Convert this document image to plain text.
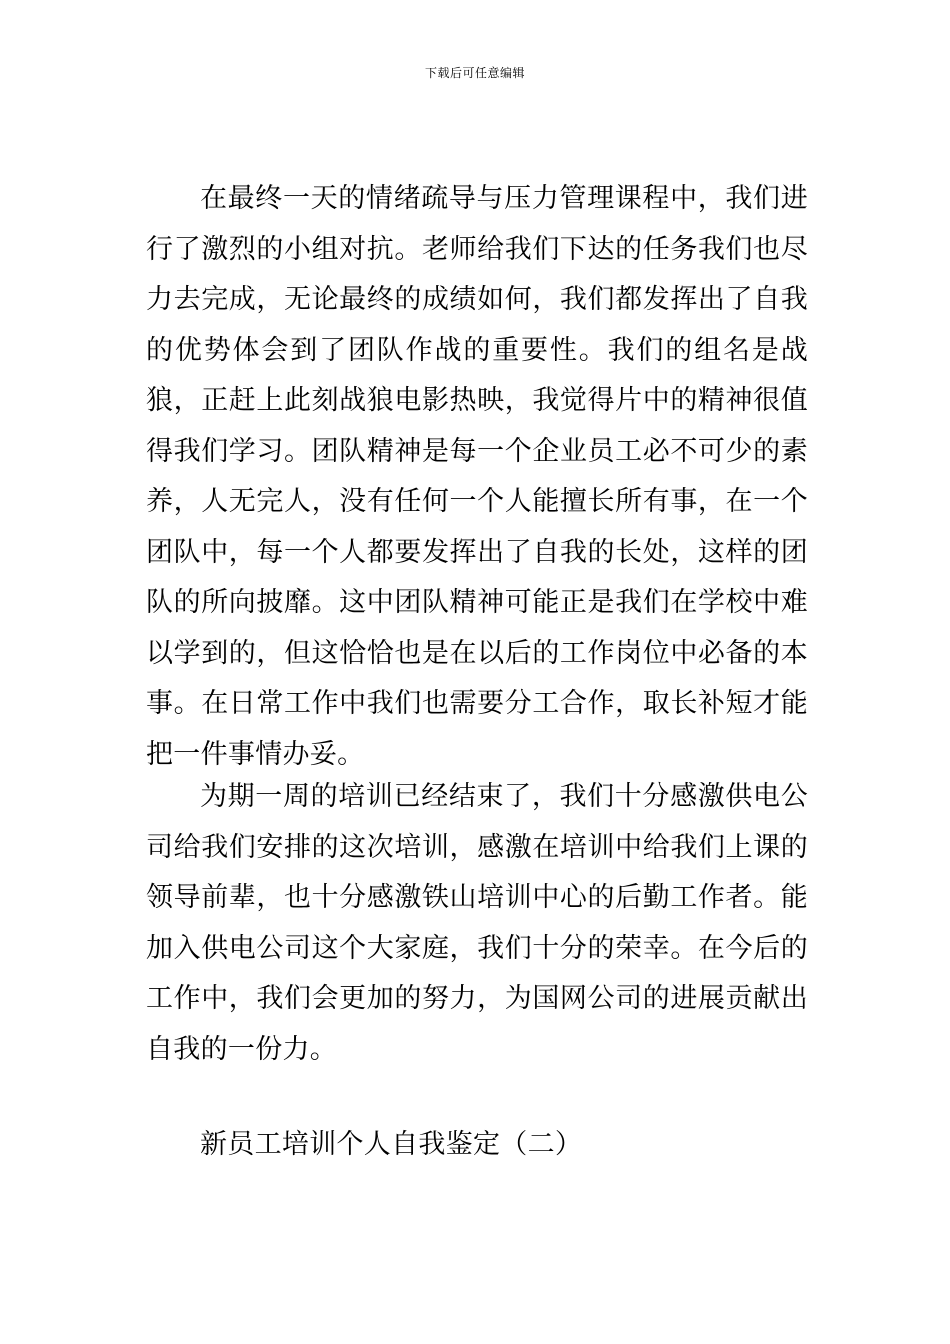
下载后可任意编辑

在最终一天的情绪疏导与压力管理课程中，我们进行了激烈的小组对抗。老师给我们下达的任务我们也尽力去完成，无论最终的成绩如何，我们都发挥出了自我的优势体会到了团队作战的重要性。我们的组名是战狼，正赶上此刻战狼电影热映，我觉得片中的精神很值得我们学习。团队精神是每一个企业员工必不可少的素养，人无完人，没有任何一个人能擅长所有事，在一个团队中，每一个人都要发挥出了自我的长处，这样的团队的所向披靡。这中团队精神可能正是我们在学校中难以学到的，但这恰恰也是在以后的工作岗位中必备的本事。在日常工作中我们也需要分工合作，取长补短才能把一件事情办妥。

为期一周的培训已经结束了，我们十分感激供电公司给我们安排的这次培训，感激在培训中给我们上课的领导前辈，也十分感激铁山培训中心的后勤工作者。能加入供电公司这个大家庭，我们十分的荣幸。在今后的工作中，我们会更加的努力，为国网公司的进展贡献出自我的一份力。

新员工培训个人自我鉴定（二）
